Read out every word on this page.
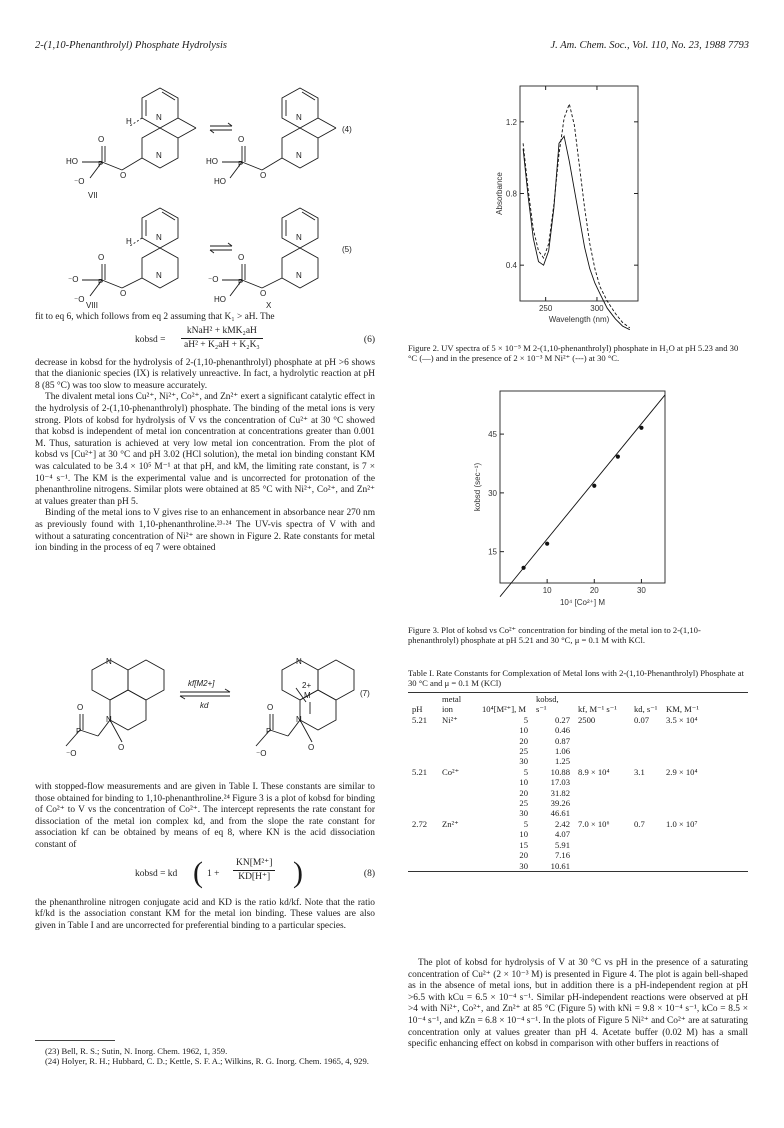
2-(1,10-Phenanthrolyl) Phosphate Hydrolysis	J. Am. Chem. Soc., Vol. 110, No. 23, 1988 7793
N
N
H
HO
O
P
⁻O
O
N
N
HO
O
P
HO
O
N
N
H
⁻O
O
P
⁻O
O
N
N
⁻O
O
P
HO
O
(4)
(5)
VII
VIII	X

fit to eq 6, which follows from eq 2 assuming that K₁ > aH. The

kobsd =
kNaH² + kMK₂aH
aH² + K₂aH + K₂K₃
(6)

decrease in kobsd for the hydrolysis of 2-(1,10-phenanthrolyl) phosphate at pH >6 shows that the dianionic species (IX) is relatively unreactive. In fact, a hydrolytic reaction at pH 8 (85 °C) was too slow to measure accurately.

The divalent metal ions Cu²⁺, Ni²⁺, Co²⁺, and Zn²⁺ exert a significant catalytic effect in the hydrolysis of 2-(1,10-phenanthrolyl) phosphate. The binding of the metal ions is very strong. Plots of kobsd for hydrolysis of V vs the concentration of Cu²⁺ at 30 °C showed that kobsd is independent of metal ion concentration at concentrations greater than 0.001 M. Thus, saturation is achieved at very low metal ion concentration. From the plot of kobsd vs [Cu²⁺] at 30 °C and pH 3.02 (HCl solution), the metal ion binding constant KM was calculated to be 3.4 × 10⁵ M⁻¹ at that pH, and kM, the limiting rate constant, is 7 × 10⁻⁴ s⁻¹. The KM is the experimental value and is uncorrected for protonation of the phenanthroline nitrogens. Similar plots were obtained at 85 °C with Ni²⁺, Co²⁺, and Zn²⁺ at values greater than pH 5.

Binding of the metal ions to V gives rise to an enhancement in absorbance near 270 nm as previously found with 1,10-phenanthroline.²³·²⁴ The UV-vis spectra of V with and without a saturating concentration of Ni²⁺ are shown in Figure 2. Rate constants for metal ion binding in the process of eq 7 were obtained

N
N
O
P
⁻O
O
N
N
O
P
⁻O
O
kf[M2+]
kd
M
2+
(7)

with stopped-flow measurements and are given in Table I. These constants are similar to those obtained for binding to 1,10-phenanthroline.²⁴ Figure 3 is a plot of kobsd for binding of Co²⁺ to V vs the concentration of Co²⁺. The intercept represents the rate constant for dissociation of the metal ion complex kd, and from the slope the rate constant for association kf can be obtained by means of eq 8, where KN is the acid dissociation constant of

kobsd = kd ( $1 + \frac{\text{KN[M²⁺]}}{KD[H^+]}$ )	(8)

the phenanthroline nitrogen conjugate acid and KD is the ratio kd/kf. Note that the ratio kf/kd is the association constant KM for the metal ion binding. These values are also given in Table I and are uncorrected for preferential binding to a particular species.

(23) Bell, R. S.; Sutin, N. Inorg. Chem. 1962, 1, 359.

(24) Holyer, R. H.; Hubbard, C. D.; Kettle, S. F. A.; Wilkins, R. G. Inorg. Chem. 1965, 4, 929.

0.4
0.8
1.2
250	300
Wavelength (nm)
Absorbance
Figure 2. UV spectra of 5 × 10⁻⁵ M 2-(1,10-phenanthrolyl) phosphate in H₂O at pH 5.23 and 30 °C (—) and in the presence of 2 × 10⁻³ M Ni²⁺ (---) at 30 °C.
15
30
45
10	20	30
10⁴ [Co²⁺] M
kobsd (sec⁻¹)
Figure 3. Plot of kobsd vs Co²⁺ concentration for binding of the metal ion to 2-(1,10-phenanthrolyl) phosphate at pH 5.21 and 30 °C, μ = 0.1 M with KCl.
Table I. Rate Constants for Complexation of Metal Ions with 2-(1,10-Phenanthrolyl) Phosphate at 30 °C and μ = 0.1 M (KCl)
pH	metal ion	10⁴[M²⁺], M	kobsd, s⁻¹	kf, M⁻¹ s⁻¹	kd, s⁻¹	KM, M⁻¹
5.21	Ni²⁺	5	0.27	2500	0.07	3.5 × 10⁴
		10	0.46			
		20	0.87			
		25	1.06			
		30	1.25			
5.21	Co²⁺	5	10.88	8.9 × 10⁴	3.1	2.9 × 10⁴
		10	17.03			
		20	31.82			
		25	39.26			
		30	46.61			
2.72	Zn²⁺	5	2.42	7.0 × 10⁶	0.7	1.0 × 10⁷
		10	4.07			
		15	5.91			
		20	7.16			
		30	10.61			

The plot of kobsd for hydrolysis of V at 30 °C vs pH in the presence of a saturating concentration of Cu²⁺ (2 × 10⁻³ M) is presented in Figure 4. The plot is again bell-shaped as in the absence of metal ions, but in addition there is a pH-independent region at pH >6.5 with kCu = 6.5 × 10⁻⁴ s⁻¹. Similar pH-independent reactions were observed at pH >4 with Ni²⁺, Co²⁺, and Zn²⁺ at 85 °C (Figure 5) with kNi = 9.8 × 10⁻⁴ s⁻¹, kCo = 8.5 × 10⁻⁴ s⁻¹, and kZn = 6.8 × 10⁻⁴ s⁻¹. In the plots of Figure 5 Ni²⁺ and Co²⁺ are at saturating concentration only at values greater than pH 4. Acetate buffer (0.02 M) has a small specific enhancing effect on kobsd in comparison with other buffers in reactions of
